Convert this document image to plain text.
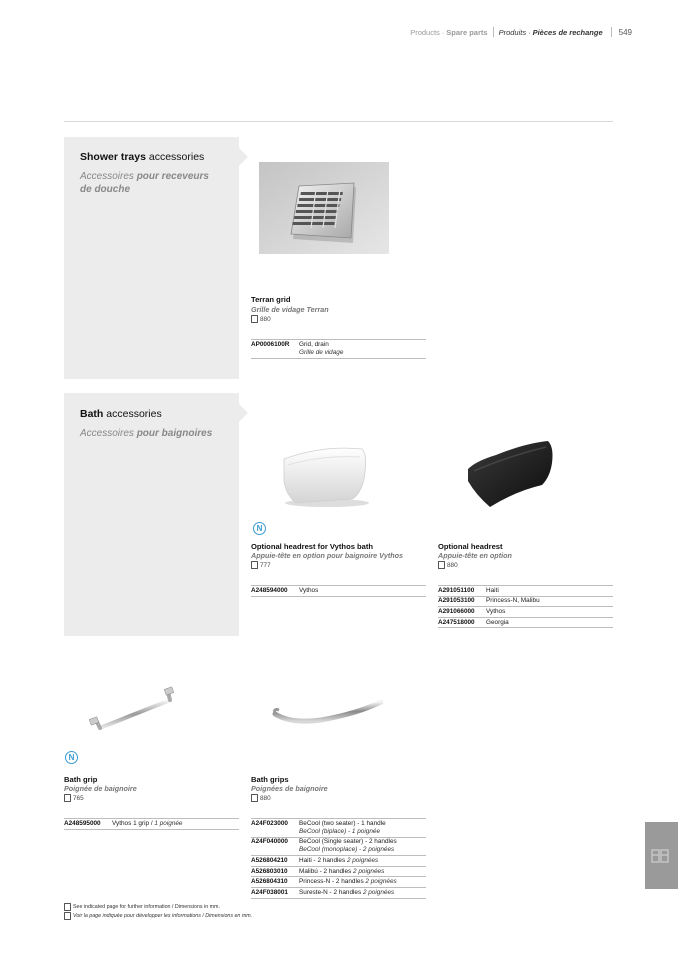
Products · Spare parts Produits · Pièces de rechange 549
Shower trays accessories
Accessoires pour receveurs
de douche
Terran grid
Grille de vidage Terran
880
AP0006100R	Grid, drain
Grille de vidage
Bath accessories
Accessoires pour baignoires
N
Optional headrest for Vythos bath
Appuie-tête en option pour baignoire Vythos
777
A248594000	Vythos
Optional headrest
Appuie-tête en option
880
A291051100	Haiti
A291053100	Princess-N, Malibu
A291066000	Vythos
A247518000	Georgia
N
Bath grip
Poignée de baignoire
765
A248595000	Vythos 1 grip / 1 poignée
Bath grips
Poignées de baignoire
880
A24F023000	BeCool (two seater) - 1 handle
BeCool (biplace) - 1 poignée
A24F040000	BeCool (Single seater) - 2 handles
BeCool (monoplace) - 2 poignées
A526804210	Haiti - 2 handles 2 poignées
A526803010	Malibú - 2 handles 2 poignées
A526804310	Princess-N - 2 handles 2 poignées
A24F038001	Sureste-N - 2 handles 2 poignées
See indicated page for further information / Dimensions in mm.
Voir la page indiquée pour développer les informations / Dimensions en mm.
